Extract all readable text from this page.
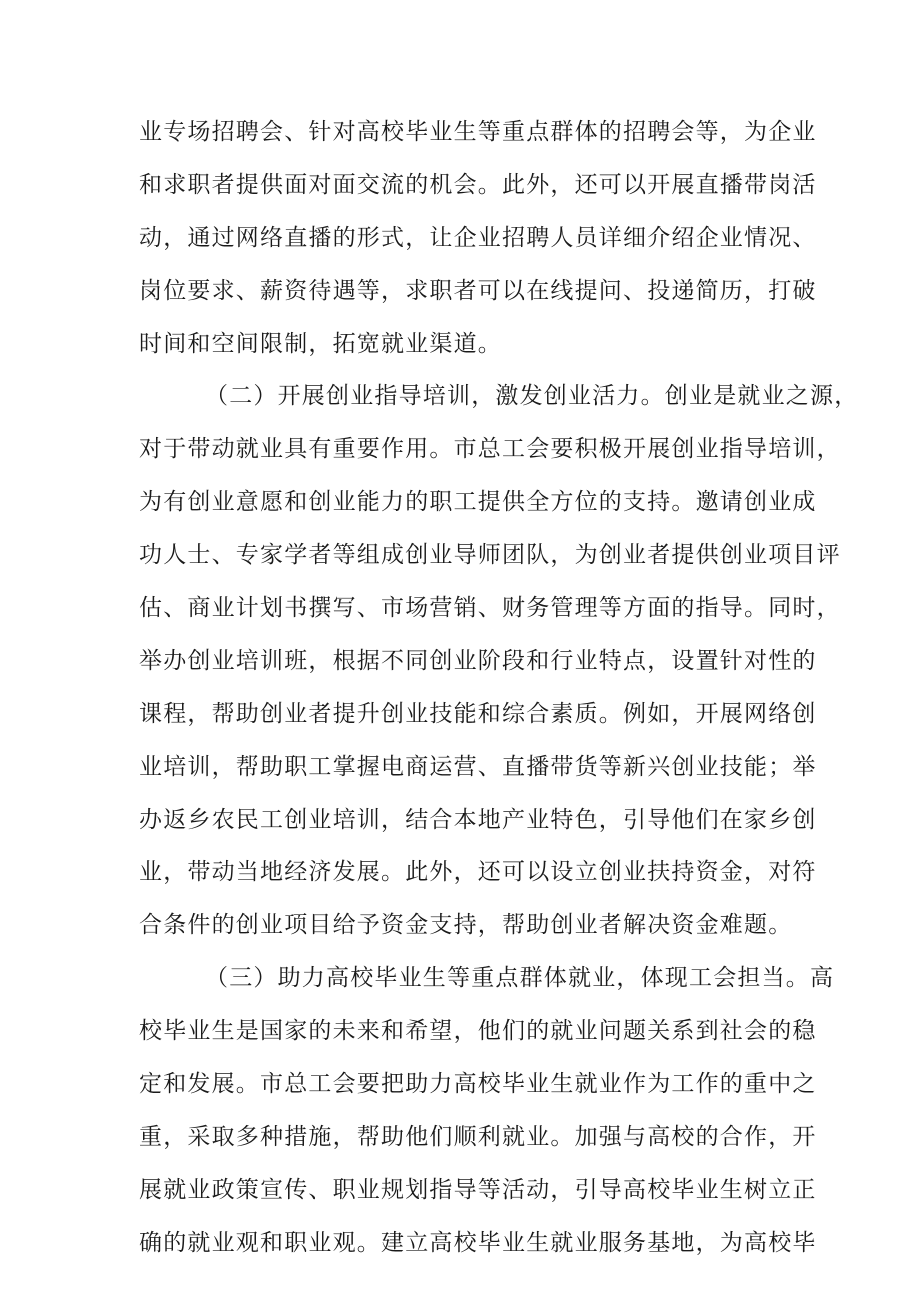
业专场招聘会、针对高校毕业生等重点群体的招聘会等，为企业
和求职者提供面对面交流的机会。此外，还可以开展直播带岗活
动，通过网络直播的形式，让企业招聘人员详细介绍企业情况、
岗位要求、薪资待遇等，求职者可以在线提问、投递简历，打破
时间和空间限制，拓宽就业渠道。
（二）开展创业指导培训，激发创业活力。创业是就业之源，
对于带动就业具有重要作用。市总工会要积极开展创业指导培训，
为有创业意愿和创业能力的职工提供全方位的支持。邀请创业成
功人士、专家学者等组成创业导师团队，为创业者提供创业项目评
估、商业计划书撰写、市场营销、财务管理等方面的指导。同时，
举办创业培训班，根据不同创业阶段和行业特点，设置针对性的
课程，帮助创业者提升创业技能和综合素质。例如，开展网络创
业培训，帮助职工掌握电商运营、直播带货等新兴创业技能；举
办返乡农民工创业培训，结合本地产业特色，引导他们在家乡创
业，带动当地经济发展。此外，还可以设立创业扶持资金，对符
合条件的创业项目给予资金支持，帮助创业者解决资金难题。
（三）助力高校毕业生等重点群体就业，体现工会担当。高
校毕业生是国家的未来和希望，他们的就业问题关系到社会的稳
定和发展。市总工会要把助力高校毕业生就业作为工作的重中之
重，采取多种措施，帮助他们顺利就业。加强与高校的合作，开
展就业政策宣传、职业规划指导等活动，引导高校毕业生树立正
确的就业观和职业观。建立高校毕业生就业服务基地，为高校毕
